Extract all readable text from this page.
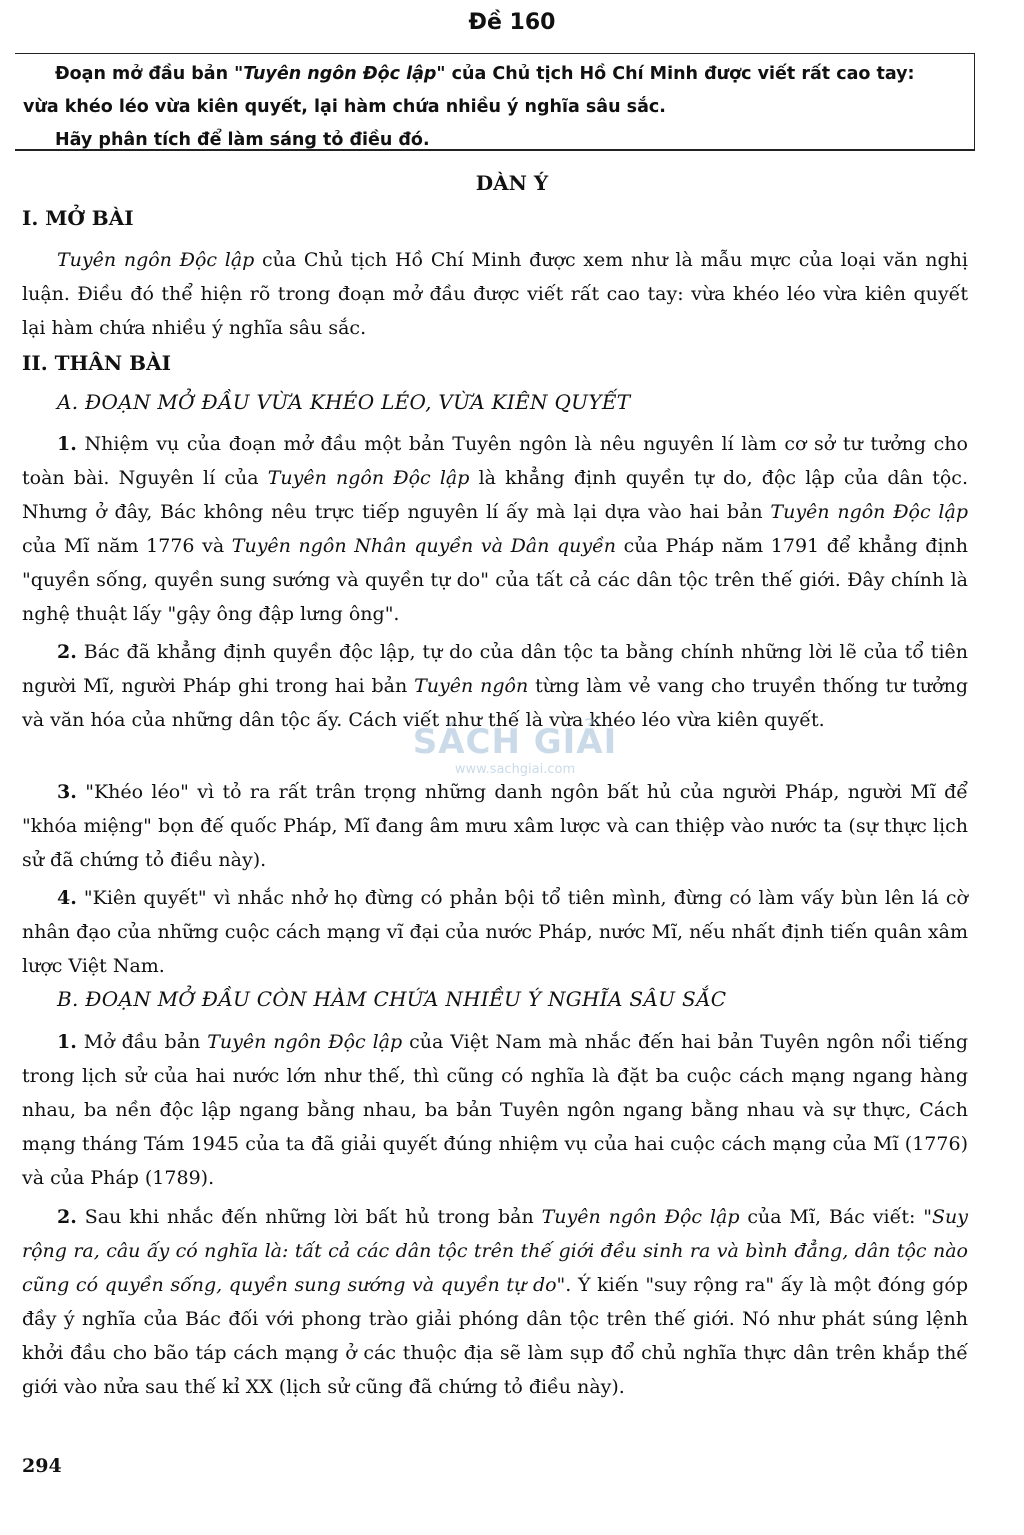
Đề 160

Đoạn mở đầu bản "Tuyên ngôn Độc lập" của Chủ tịch Hồ Chí Minh được viết rất cao tay:

vừa khéo léo vừa kiên quyết, lại hàm chứa nhiều ý nghĩa sâu sắc.

Hãy phân tích để làm sáng tỏ điều đó.

DÀN Ý
I. MỞ BÀI

Tuyên ngôn Độc lập của Chủ tịch Hồ Chí Minh được xem như là mẫu mực của loại văn nghị luận. Điều đó thể hiện rõ trong đoạn mở đầu được viết rất cao tay: vừa khéo léo vừa kiên quyết lại hàm chứa nhiều ý nghĩa sâu sắc.

II. THÂN BÀI
A. ĐOẠN MỞ ĐẦU VỪA KHÉO LÉO, VỪA KIÊN QUYẾT

1. Nhiệm vụ của đoạn mở đầu một bản Tuyên ngôn là nêu nguyên lí làm cơ sở tư tưởng cho toàn bài. Nguyên lí của Tuyên ngôn Độc lập là khẳng định quyền tự do, độc lập của dân tộc. Nhưng ở đây, Bác không nêu trực tiếp nguyên lí ấy mà lại dựa vào hai bản Tuyên ngôn Độc lập của Mĩ năm 1776 và Tuyên ngôn Nhân quyền và Dân quyền của Pháp năm 1791 để khẳng định "quyền sống, quyền sung sướng và quyền tự do" của tất cả các dân tộc trên thế giới. Đây chính là nghệ thuật lấy "gậy ông đập lưng ông".

2. Bác đã khẳng định quyền độc lập, tự do của dân tộc ta bằng chính những lời lẽ của tổ tiên người Mĩ, người Pháp ghi trong hai bản Tuyên ngôn từng làm vẻ vang cho truyền thống tư tưởng và văn hóa của những dân tộc ấy. Cách viết như thế là vừa khéo léo vừa kiên quyết.

3. "Khéo léo" vì tỏ ra rất trân trọng những danh ngôn bất hủ của người Pháp, người Mĩ để "khóa miệng" bọn đế quốc Pháp, Mĩ đang âm mưu xâm lược và can thiệp vào nước ta (sự thực lịch sử đã chứng tỏ điều này).

4. "Kiên quyết" vì nhắc nhở họ đừng có phản bội tổ tiên mình, đừng có làm vấy bùn lên lá cờ nhân đạo của những cuộc cách mạng vĩ đại của nước Pháp, nước Mĩ, nếu nhất định tiến quân xâm lược Việt Nam.

B. ĐOẠN MỞ ĐẦU CÒN HÀM CHỨA NHIỀU Ý NGHĨA SÂU SẮC

1. Mở đầu bản Tuyên ngôn Độc lập của Việt Nam mà nhắc đến hai bản Tuyên ngôn nổi tiếng trong lịch sử của hai nước lớn như thế, thì cũng có nghĩa là đặt ba cuộc cách mạng ngang hàng nhau, ba nền độc lập ngang bằng nhau, ba bản Tuyên ngôn ngang bằng nhau và sự thực, Cách mạng tháng Tám 1945 của ta đã giải quyết đúng nhiệm vụ của hai cuộc cách mạng của Mĩ (1776) và của Pháp (1789).

2. Sau khi nhắc đến những lời bất hủ trong bản Tuyên ngôn Độc lập của Mĩ, Bác viết: "Suy rộng ra, câu ấy có nghĩa là: tất cả các dân tộc trên thế giới đều sinh ra và bình đẳng, dân tộc nào cũng có quyền sống, quyền sung sướng và quyền tự do". Ý kiến "suy rộng ra" ấy là một đóng góp đầy ý nghĩa của Bác đối với phong trào giải phóng dân tộc trên thế giới. Nó như phát súng lệnh khởi đầu cho bão táp cách mạng ở các thuộc địa sẽ làm sụp đổ chủ nghĩa thực dân trên khắp thế giới vào nửa sau thế kỉ XX (lịch sử cũng đã chứng tỏ điều này).

SÁCH GIẢI
www.sachgiai.com
294
